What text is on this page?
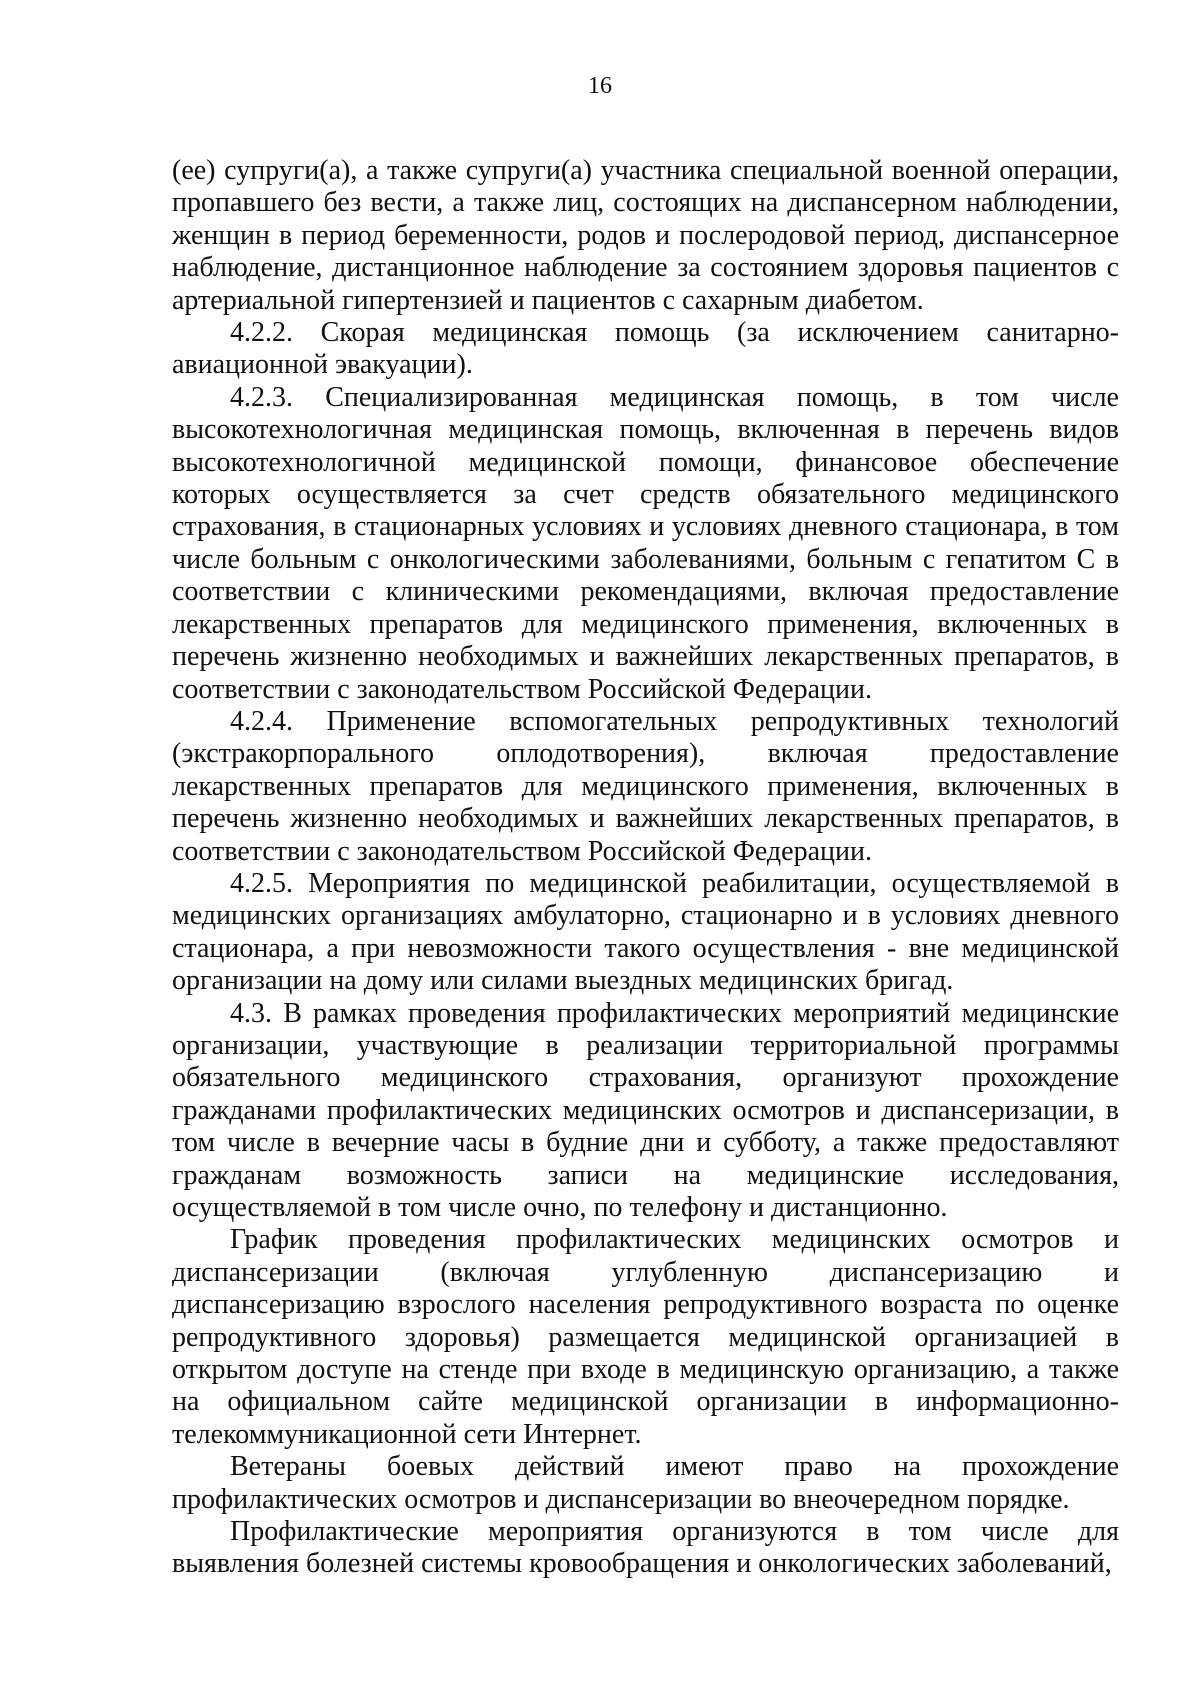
16

(ее) супруги(а), а также супруги(а) участника специальной военной операции, пропавшего без вести, а также лиц, состоящих на диспансерном наблюдении, женщин в период беременности, родов и послеродовой период, диспансерное наблюдение, дистанционное наблюдение за состоянием здоровья пациентов с артериальной гипертензией и пациентов с сахарным диабетом.

4.2.2. Скорая медицинская помощь (за исключением санитарно-авиационной эвакуации).

4.2.3. Специализированная медицинская помощь, в том числе высокотехнологичная медицинская помощь, включенная в перечень видов высокотехнологичной медицинской помощи, финансовое обеспечение которых осуществляется за счет средств обязательного медицинского страхования, в стационарных условиях и условиях дневного стационара, в том числе больным с онкологическими заболеваниями, больным с гепатитом C в соответствии с клиническими рекомендациями, включая предоставление лекарственных препаратов для медицинского применения, включенных в перечень жизненно необходимых и важнейших лекарственных препаратов, в соответствии с законодательством Российской Федерации.

4.2.4. Применение вспомогательных репродуктивных технологий (экстракорпорального оплодотворения), включая предоставление лекарственных препаратов для медицинского применения, включенных в перечень жизненно необходимых и важнейших лекарственных препаратов, в соответствии с законодательством Российской Федерации.

4.2.5. Мероприятия по медицинской реабилитации, осуществляемой в медицинских организациях амбулаторно, стационарно и в условиях дневного стационара, а при невозможности такого осуществления - вне медицинской организации на дому или силами выездных медицинских бригад.

4.3. В рамках проведения профилактических мероприятий медицинские организации, участвующие в реализации территориальной программы обязательного медицинского страхования, организуют прохождение гражданами профилактических медицинских осмотров и диспансеризации, в том числе в вечерние часы в будние дни и субботу, а также предоставляют гражданам возможность записи на медицинские исследования, осуществляемой в том числе очно, по телефону и дистанционно.

График проведения профилактических медицинских осмотров и диспансеризации (включая углубленную диспансеризацию и диспансеризацию взрослого населения репродуктивного возраста по оценке репродуктивного здоровья) размещается медицинской организацией в открытом доступе на стенде при входе в медицинскую организацию, а также на официальном сайте медицинской организации в информационно-телекоммуникационной сети Интернет.

Ветераны боевых действий имеют право на прохождение профилактических осмотров и диспансеризации во внеочередном порядке.

Профилактические мероприятия организуются в том числе для выявления болезней системы кровообращения и онкологических заболеваний,
